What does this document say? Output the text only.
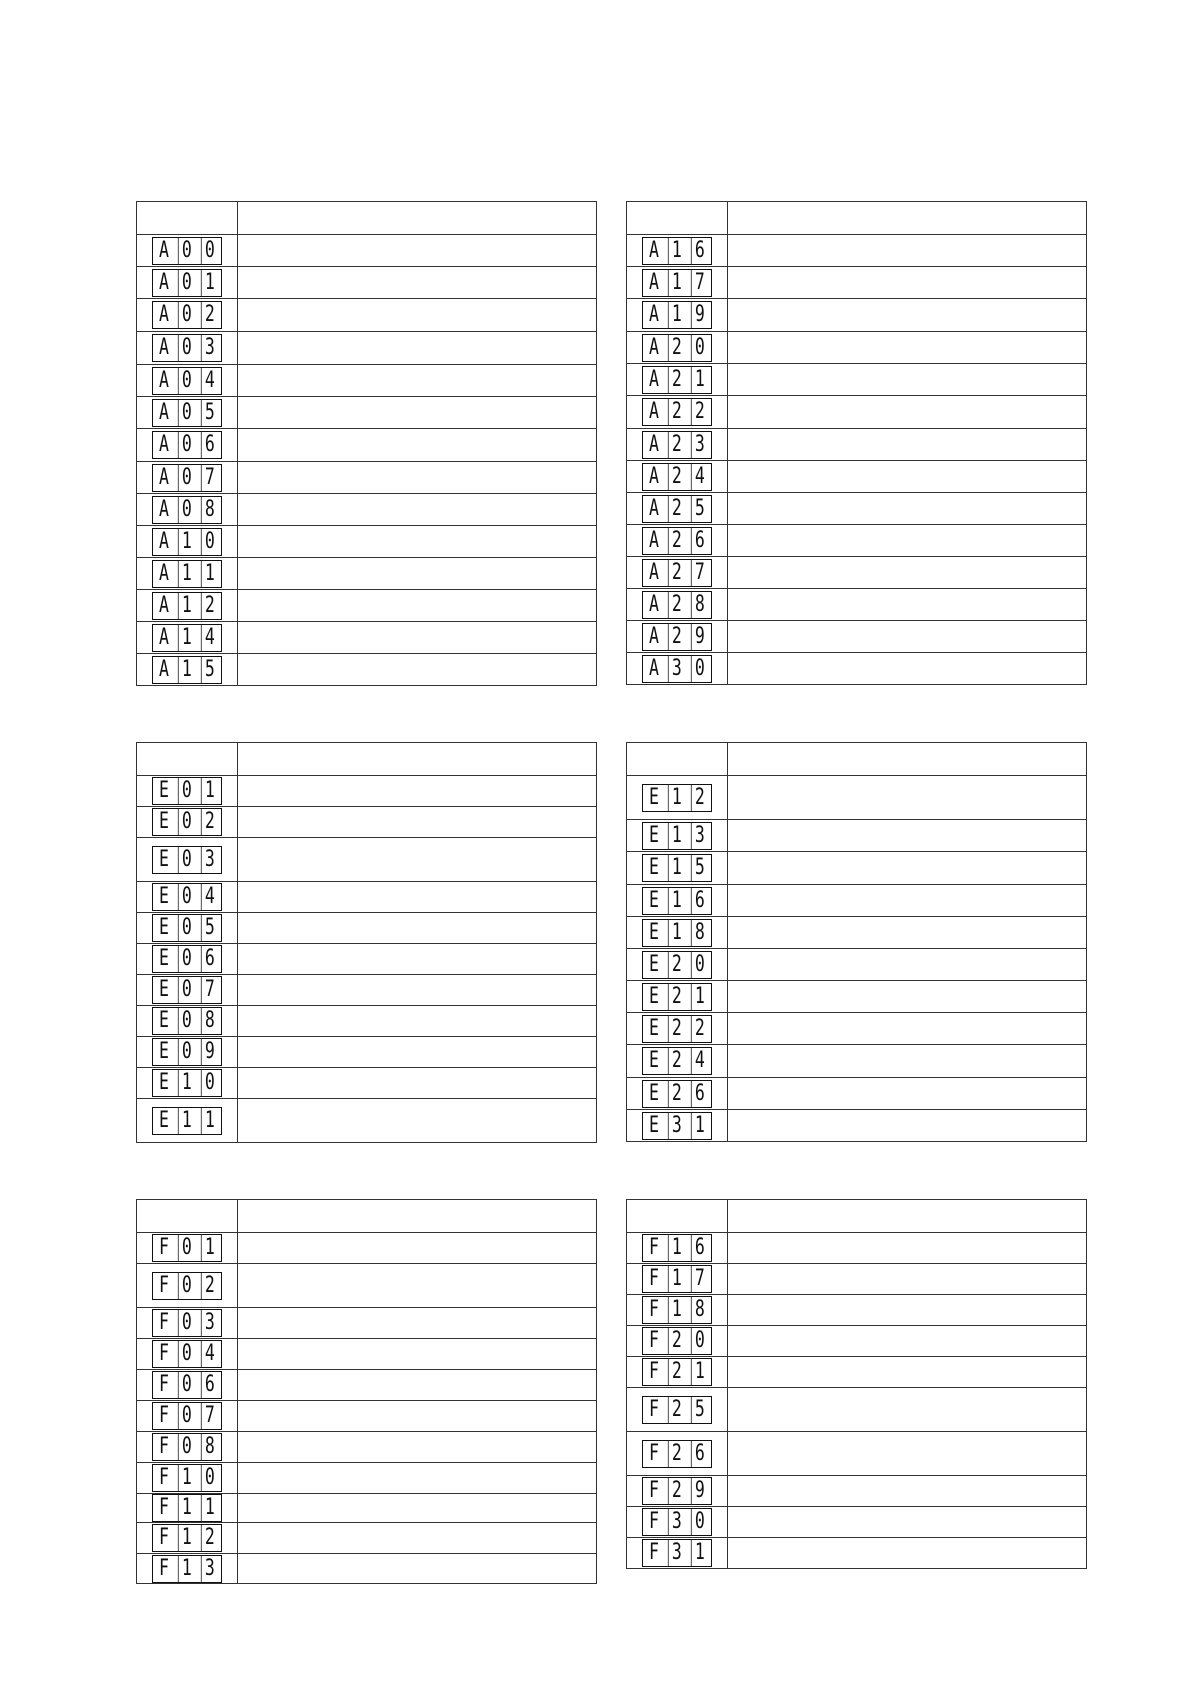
A 0 0	

A 0 1	

A 0 2	

A 0 3	

A 0 4	

A 0 5	

A 0 6	

A 0 7	

A 0 8	

A 1 0	

A 1 1	

A 1 2	

A 1 4	

A 1 5	

A 1 6	

A 1 7	

A 1 9	

A 2 0	

A 2 1	

A 2 2	

A 2 3	

A 2 4	

A 2 5	

A 2 6	

A 2 7	

A 2 8	

A 2 9	

A 3 0	

E 0 1	

E 0 2	

E 0 3	

E 0 4	

E 0 5	

E 0 6	

E 0 7	

E 0 8	

E 0 9	

E 1 0	

E 1 1	

E 1 2	

E 1 3	

E 1 5	

E 1 6	

E 1 8	

E 2 0	

E 2 1	

E 2 2	

E 2 4	

E 2 6	

E 3 1	

F 0 1	

F 0 2	

F 0 3	

F 0 4	

F 0 6	

F 0 7	

F 0 8	

F 1 0	

F 1 1	

F 1 2	

F 1 3	

F 1 6	

F 1 7	

F 1 8	

F 2 0	

F 2 1	

F 2 5	

F 2 6	

F 2 9	

F 3 0	

F 3 1	
